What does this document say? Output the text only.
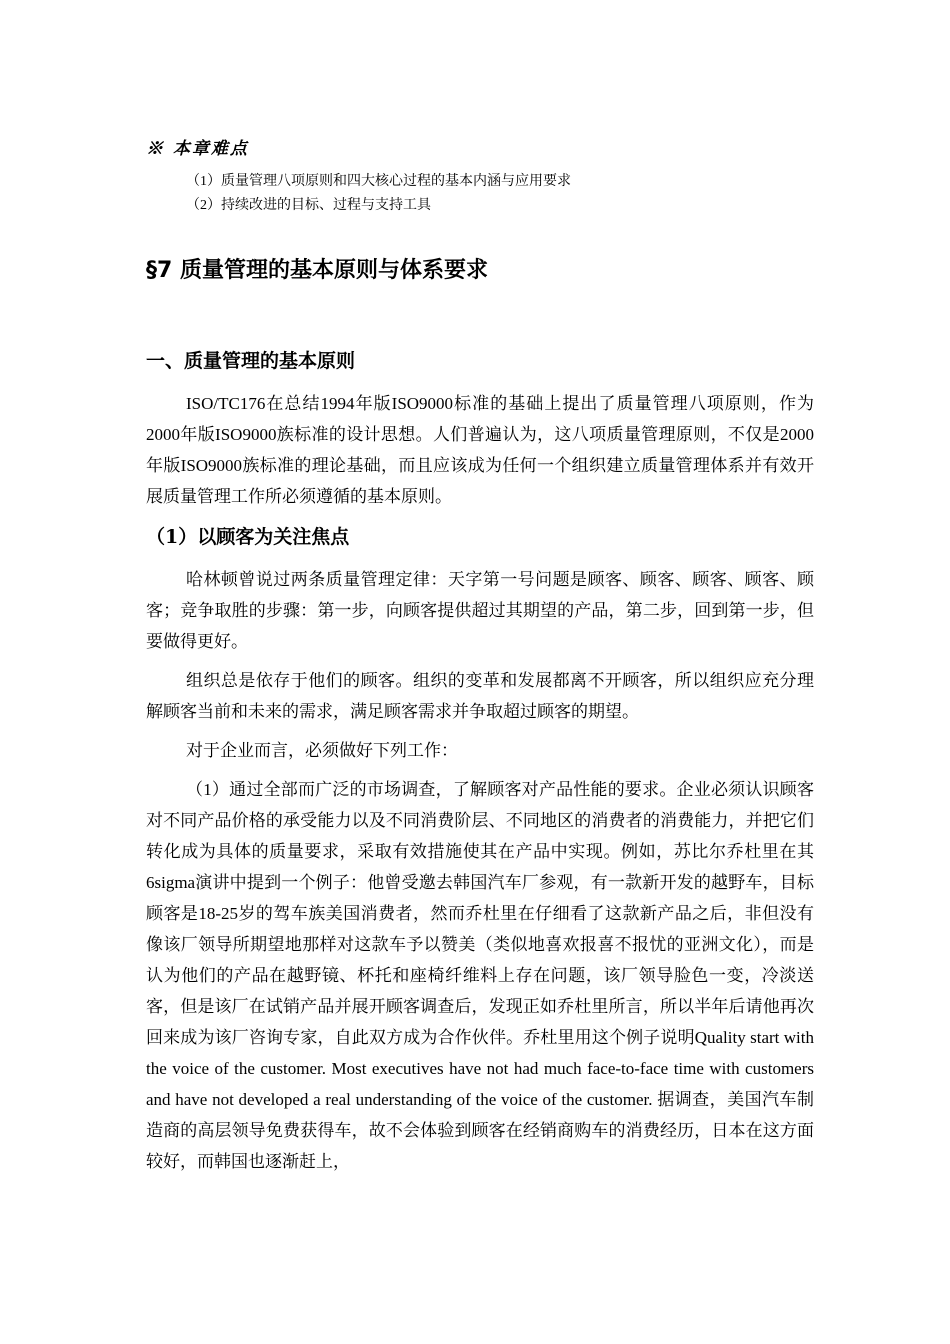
※ 本章难点

（1）质量管理八项原则和四大核心过程的基本内涵与应用要求

（2）持续改进的目标、过程与支持工具

§7 质量管理的基本原则与体系要求
一、质量管理的基本原则

ISO/TC176在总结1994年版ISO9000标准的基础上提出了质量管理八项原则，作为2000年版ISO9000族标准的设计思想。人们普遍认为，这八项质量管理原则，不仅是2000年版ISO9000族标准的理论基础，而且应该成为任何一个组织建立质量管理体系并有效开展质量管理工作所必须遵循的基本原则。

（1）以顾客为关注焦点

哈林顿曾说过两条质量管理定律：天字第一号问题是顾客、顾客、顾客、顾客、顾客；竞争取胜的步骤：第一步，向顾客提供超过其期望的产品，第二步，回到第一步，但要做得更好。

组织总是依存于他们的顾客。组织的变革和发展都离不开顾客，所以组织应充分理解顾客当前和未来的需求，满足顾客需求并争取超过顾客的期望。

对于企业而言，必须做好下列工作：

（1）通过全部而广泛的市场调查，了解顾客对产品性能的要求。企业必须认识顾客对不同产品价格的承受能力以及不同消费阶层、不同地区的消费者的消费能力，并把它们转化成为具体的质量要求，采取有效措施使其在产品中实现。例如，苏比尔乔杜里在其6sigma演讲中提到一个例子：他曾受邀去韩国汽车厂参观，有一款新开发的越野车，目标顾客是18-25岁的驾车族美国消费者，然而乔杜里在仔细看了这款新产品之后，非但没有像该厂领导所期望地那样对这款车予以赞美（类似地喜欢报喜不报忧的亚洲文化），而是认为他们的产品在越野镜、杯托和座椅纤维料上存在问题，该厂领导脸色一变，冷淡送客，但是该厂在试销产品并展开顾客调查后，发现正如乔杜里所言，所以半年后请他再次回来成为该厂咨询专家，自此双方成为合作伙伴。乔杜里用这个例子说明Quality start with the voice of the customer. Most executives have not had much face-to-face time with customers and have not developed a real understanding of the voice of the customer. 据调查，美国汽车制造商的高层领导免费获得车，故不会体验到顾客在经销商购车的消费经历，日本在这方面较好，而韩国也逐渐赶上，
